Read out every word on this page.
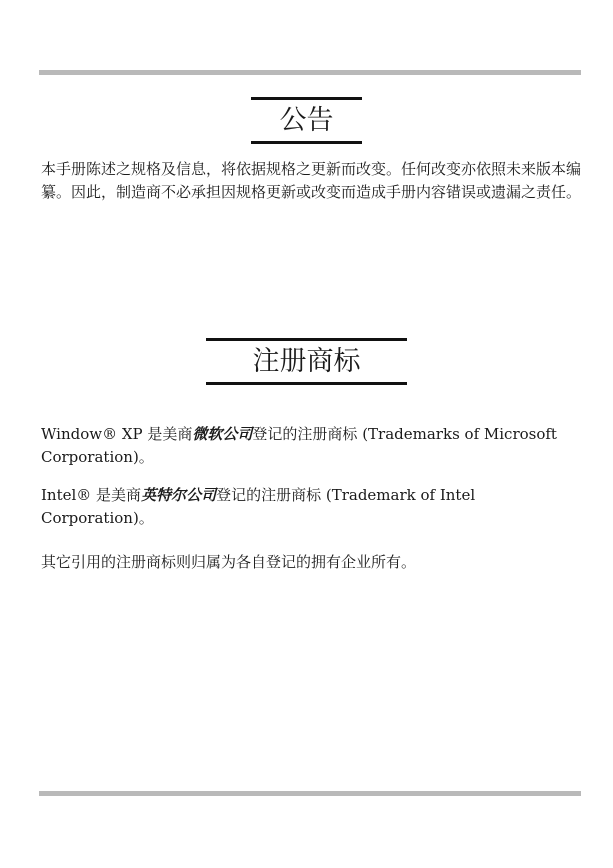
公告

本手册陈述之规格及信息，将依据规格之更新而改变。任何改变亦依照未来版本编纂。因此，制造商不必承担因规格更新或改变而造成手册内容错误或遗漏之责任。

注册商标

Window® XP 是美商微软公司登记的注册商标 (Trademarks of Microsoft Corporation)。

Intel® 是美商英特尔公司登记的注册商标 (Trademark of Intel Corporation)。

其它引用的注册商标则归属为各自登记的拥有企业所有。
